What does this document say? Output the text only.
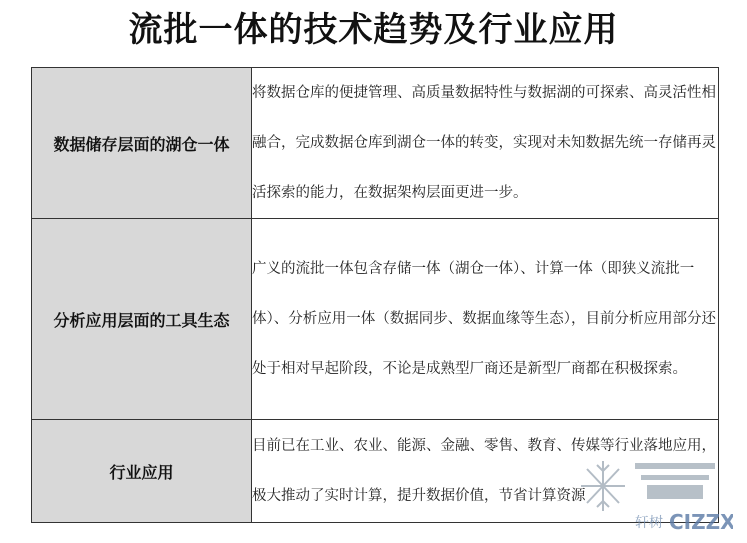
流批一体的技术趋势及行业应用
数据储存层面的湖仓一体	将数据仓库的便捷管理、高质量数据特性与数据湖的可探索、高灵活性相融合，完成数据仓库到湖仓一体的转变，实现对未知数据先统一存储再灵活探索的能力，在数据架构层面更进一步。
分析应用层面的工具生态	广义的流批一体包含存储一体（湖仓一体）、计算一体（即狭义流批一体）、分析应用一体（数据同步、数据血缘等生态），目前分析应用部分还处于相对早起阶段，不论是成熟型厂商还是新型厂商都在积极探索。
行业应用	目前已在工业、农业、能源、金融、零售、教育、传媒等行业落地应用，极大推动了实时计算，提升数据价值，节省计算资源
轩树 CIZZX
